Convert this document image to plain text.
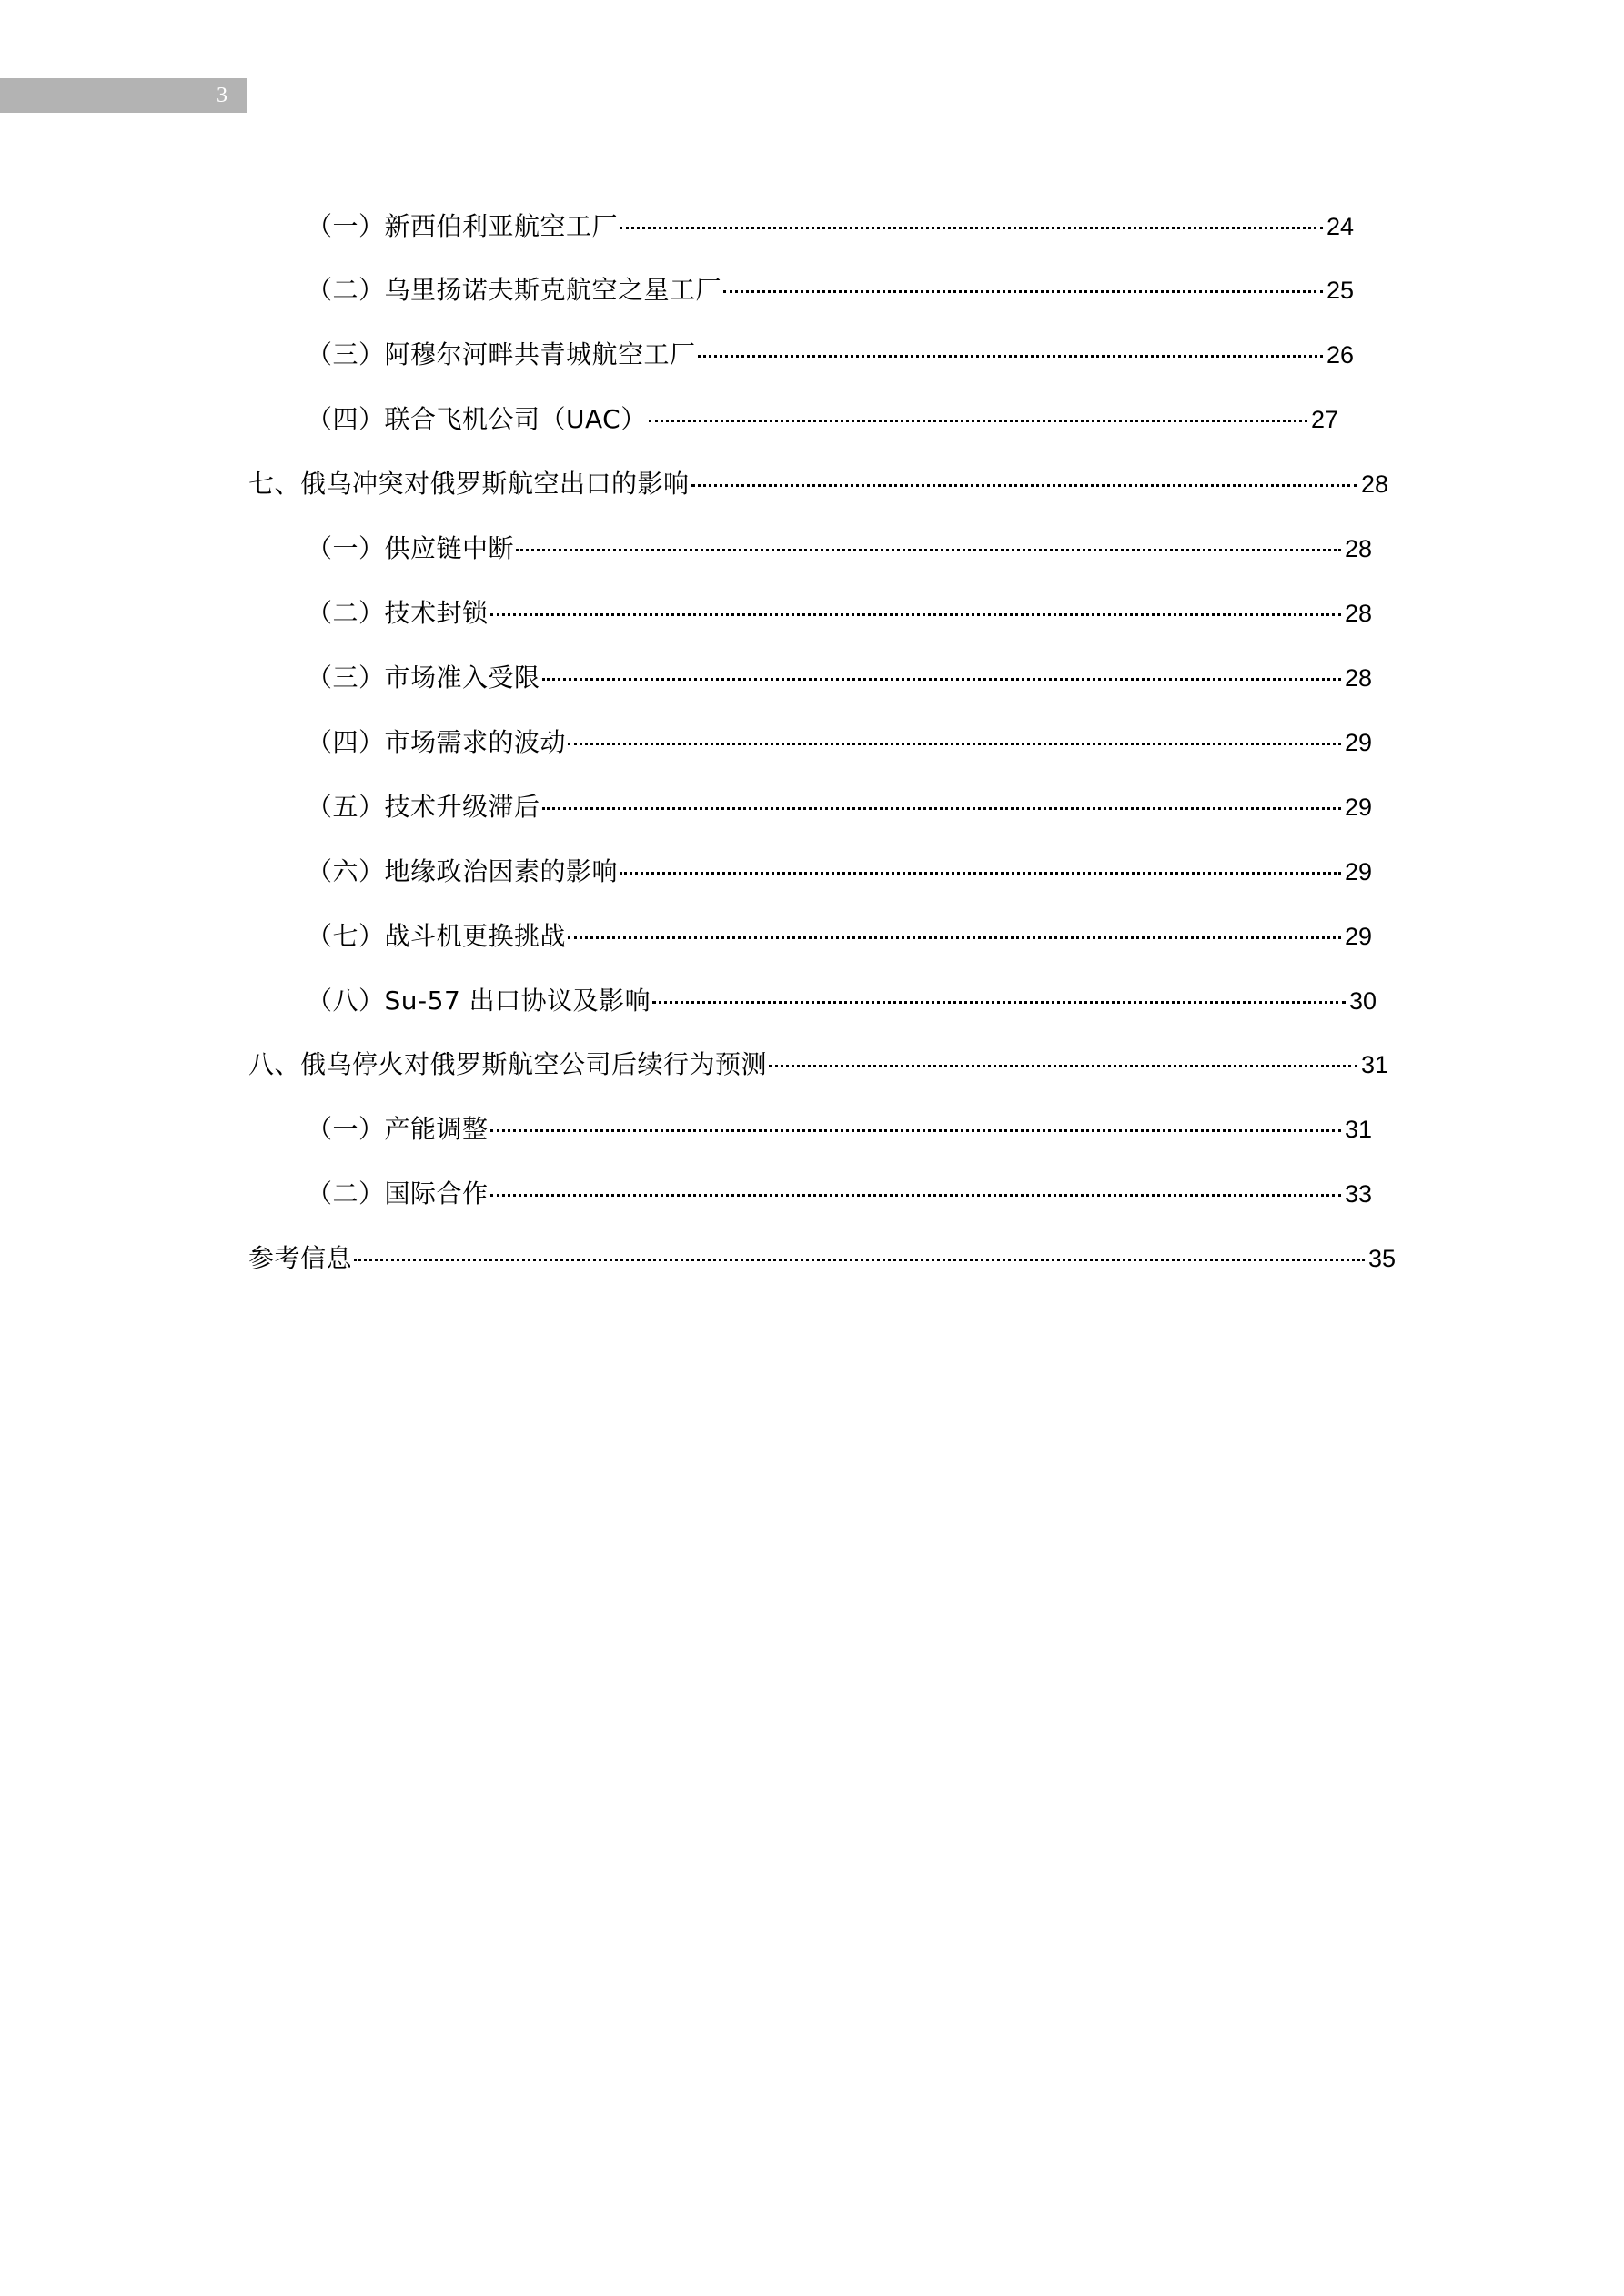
3
（一）新西伯利亚航空工厂	24
（二）乌里扬诺夫斯克航空之星工厂	25
（三）阿穆尔河畔共青城航空工厂	26
（四）联合飞机公司（UAC）	27
七、俄乌冲突对俄罗斯航空出口的影响	28
（一）供应链中断	28
（二）技术封锁	28
（三）市场准入受限	28
（四）市场需求的波动	29
（五）技术升级滞后	29
（六）地缘政治因素的影响	29
（七）战斗机更换挑战	29
（八）Su-57 出口协议及影响	30
八、俄乌停火对俄罗斯航空公司后续行为预测	31
（一）产能调整	31
（二）国际合作	33
参考信息	35
